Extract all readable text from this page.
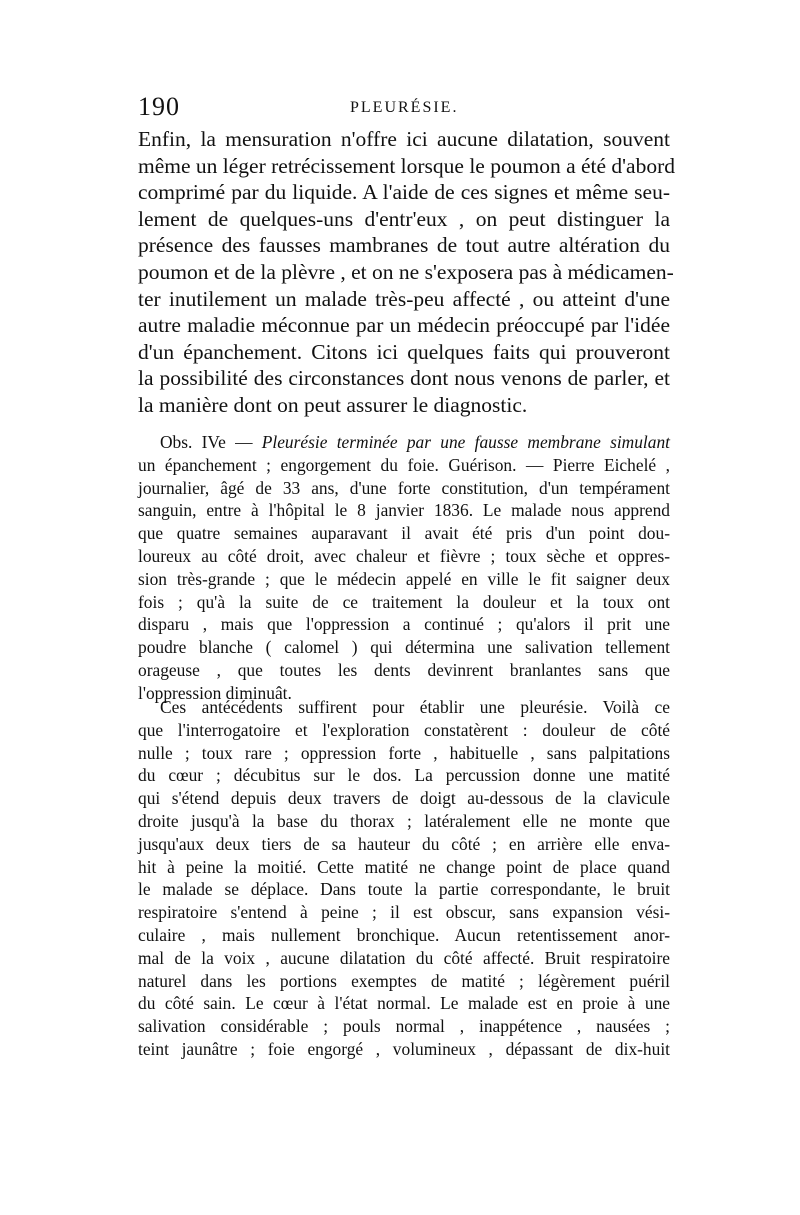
190	PLEURÉSIE.
Enfin, la mensuration n'offre ici aucune dilatation, souvent
même un léger retrécissement lorsque le poumon a été d'abord
comprimé par du liquide. A l'aide de ces signes et même seu-
lement de quelques-uns d'entr'eux , on peut distinguer la
présence des fausses mambranes de tout autre altération du
poumon et de la plèvre , et on ne s'exposera pas à médicamen-
ter inutilement un malade très-peu affecté , ou atteint d'une
autre maladie méconnue par un médecin préoccupé par l'idée
d'un épanchement. Citons ici quelques faits qui prouveront
la possibilité des circonstances dont nous venons de parler, et
la manière dont on peut assurer le diagnostic.
Obs. IVe — Pleurésie terminée par une fausse membrane simulant
un épanchement ; engorgement du foie. Guérison. — Pierre Eichelé ,
journalier, âgé de 33 ans, d'une forte constitution, d'un tempérament
sanguin, entre à l'hôpital le 8 janvier 1836. Le malade nous apprend
que quatre semaines auparavant il avait été pris d'un point dou-
loureux au côté droit, avec chaleur et fièvre ; toux sèche et oppres-
sion très-grande ; que le médecin appelé en ville le fit saigner deux
fois ; qu'à la suite de ce traitement la douleur et la toux ont
disparu , mais que l'oppression a continué ; qu'alors il prit une
poudre blanche ( calomel ) qui détermina une salivation tellement
orageuse , que toutes les dents devinrent branlantes sans que
l'oppression diminuât.
Ces antécédents suffirent pour établir une pleurésie. Voilà ce
que l'interrogatoire et l'exploration constatèrent : douleur de côté
nulle ; toux rare ; oppression forte , habituelle , sans palpitations
du cœur ; décubitus sur le dos. La percussion donne une matité
qui s'étend depuis deux travers de doigt au-dessous de la clavicule
droite jusqu'à la base du thorax ; latéralement elle ne monte que
jusqu'aux deux tiers de sa hauteur du côté ; en arrière elle enva-
hit à peine la moitié. Cette matité ne change point de place quand
le malade se déplace. Dans toute la partie correspondante, le bruit
respiratoire s'entend à peine ; il est obscur, sans expansion vési-
culaire , mais nullement bronchique. Aucun retentissement anor-
mal de la voix , aucune dilatation du côté affecté. Bruit respiratoire
naturel dans les portions exemptes de matité ; légèrement puéril
du côté sain. Le cœur à l'état normal. Le malade est en proie à une
salivation considérable ; pouls normal , inappétence , nausées ;
teint jaunâtre ; foie engorgé , volumineux , dépassant de dix-huit
